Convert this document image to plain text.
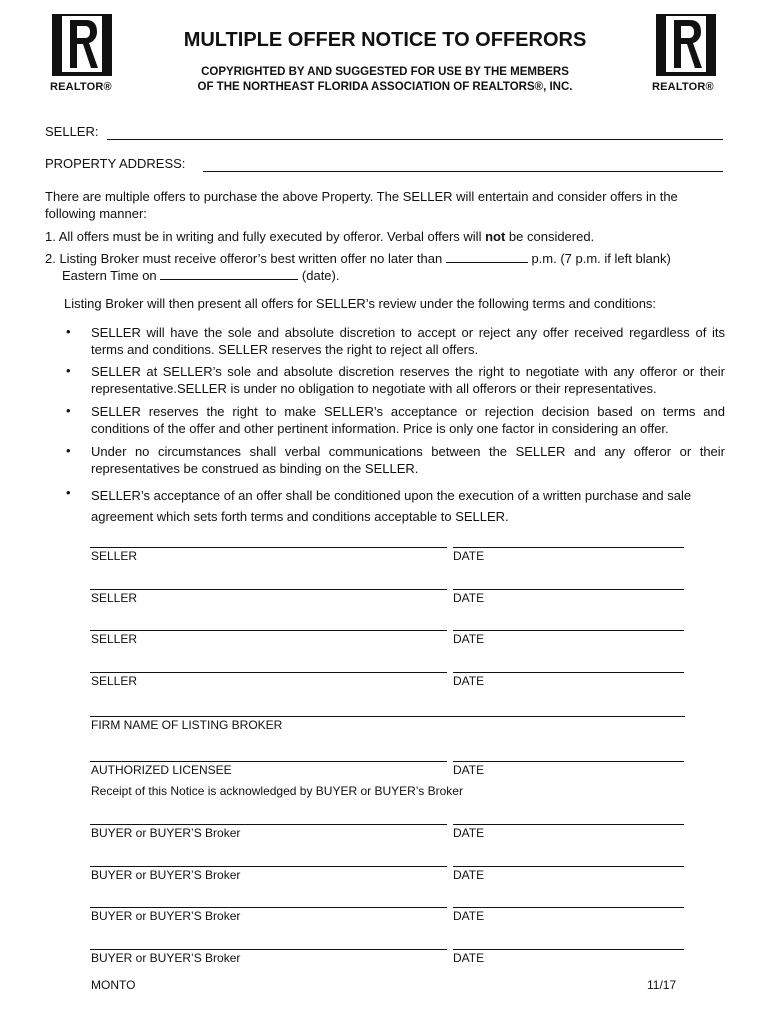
REALTOR®	REALTOR®
MULTIPLE OFFER NOTICE TO OFFERORS
COPYRIGHTED BY AND SUGGESTED FOR USE BY THE MEMBERS
OF THE NORTHEAST FLORIDA ASSOCIATION OF REALTORS®, INC.
SELLER:
PROPERTY ADDRESS:
There are multiple offers to purchase the above Property. The SELLER will entertain and consider offers in the following manner:
1. All offers must be in writing and fully executed by offeror. Verbal offers will not be considered.
2. Listing Broker must receive offeror’s best written offer no later than	p.m. (7 p.m. if left blank)
Eastern Time on	(date).
Listing Broker will then present all offers for SELLER’s review under the following terms and conditions:
• SELLER will have the sole and absolute discretion to accept or reject any offer received regardless of its terms and conditions. SELLER reserves the right to reject all offers.
• SELLER at SELLER’s sole and absolute discretion reserves the right to negotiate with any offeror or their representative.SELLER is under no obligation to negotiate with all offerors or their representatives.
• SELLER reserves the right to make SELLER’s acceptance or rejection decision based on terms and conditions of the offer and other pertinent information. Price is only one factor in considering an offer.
• Under no circumstances shall verbal communications between the SELLER and any offeror or their representatives be construed as binding on the SELLER.
• SELLER’s acceptance of an offer shall be conditioned upon the execution of a written purchase and sale agreement which sets forth terms and conditions acceptable to SELLER.
SELLER	DATE
SELLER	DATE
SELLER	DATE
SELLER	DATE
FIRM NAME OF LISTING BROKER
AUTHORIZED LICENSEE	DATE
Receipt of this Notice is acknowledged by BUYER or BUYER’s Broker
BUYER or BUYER’S Broker	DATE
BUYER or BUYER’S Broker	DATE
BUYER or BUYER’S Broker	DATE
BUYER or BUYER’S Broker	DATE
MONTO	11/17
